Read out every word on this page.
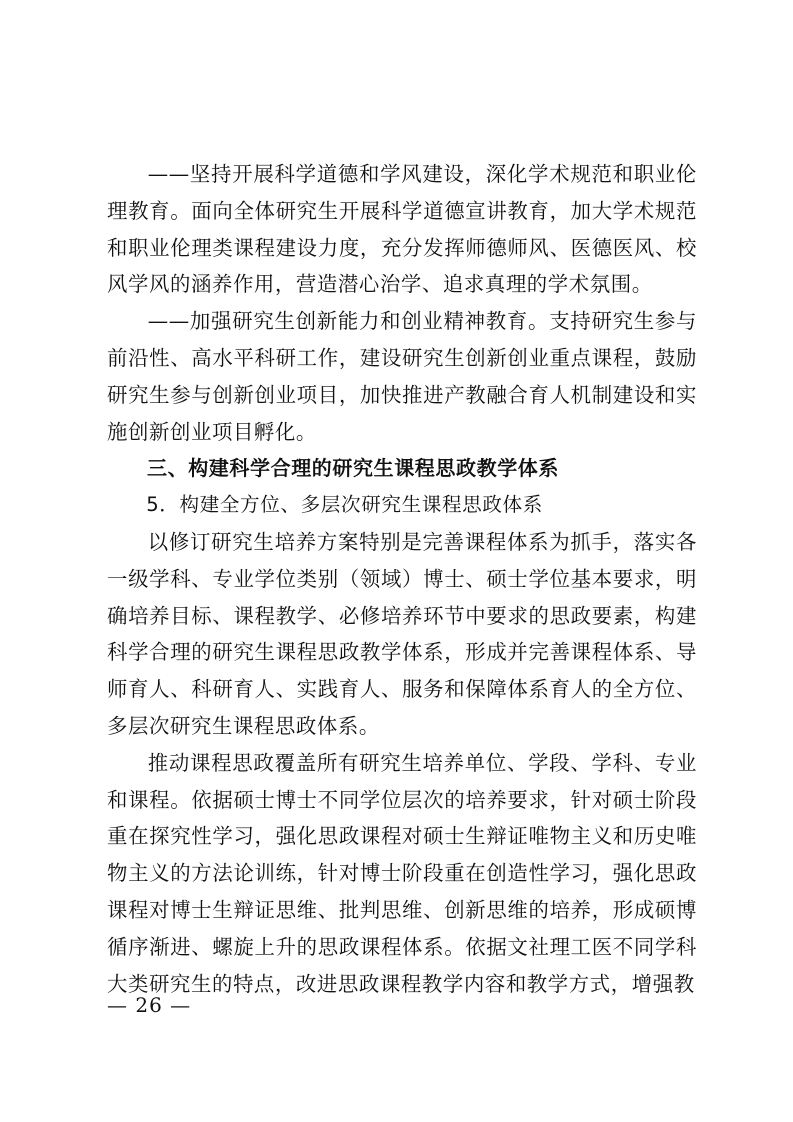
——坚持开展科学道德和学风建设，深化学术规范和职业伦理教育。面向全体研究生开展科学道德宣讲教育，加大学术规范和职业伦理类课程建设力度，充分发挥师德师风、医德医风、校风学风的涵养作用，营造潜心治学、追求真理的学术氛围。

——加强研究生创新能力和创业精神教育。支持研究生参与前沿性、高水平科研工作，建设研究生创新创业重点课程，鼓励研究生参与创新创业项目，加快推进产教融合育人机制建设和实施创新创业项目孵化。

三、构建科学合理的研究生课程思政教学体系

5．构建全方位、多层次研究生课程思政体系

以修订研究生培养方案特别是完善课程体系为抓手，落实各一级学科、专业学位类别（领域）博士、硕士学位基本要求，明确培养目标、课程教学、必修培养环节中要求的思政要素，构建科学合理的研究生课程思政教学体系，形成并完善课程体系、导师育人、科研育人、实践育人、服务和保障体系育人的全方位、多层次研究生课程思政体系。

推动课程思政覆盖所有研究生培养单位、学段、学科、专业和课程。依据硕士博士不同学位层次的培养要求，针对硕士阶段重在探究性学习，强化思政课程对硕士生辩证唯物主义和历史唯物主义的方法论训练，针对博士阶段重在创造性学习，强化思政课程对博士生辩证思维、批判思维、创新思维的培养，形成硕博循序渐进、螺旋上升的思政课程体系。依据文社理工医不同学科大类研究生的特点，改进思政课程教学内容和教学方式，增强教

— 26 —
